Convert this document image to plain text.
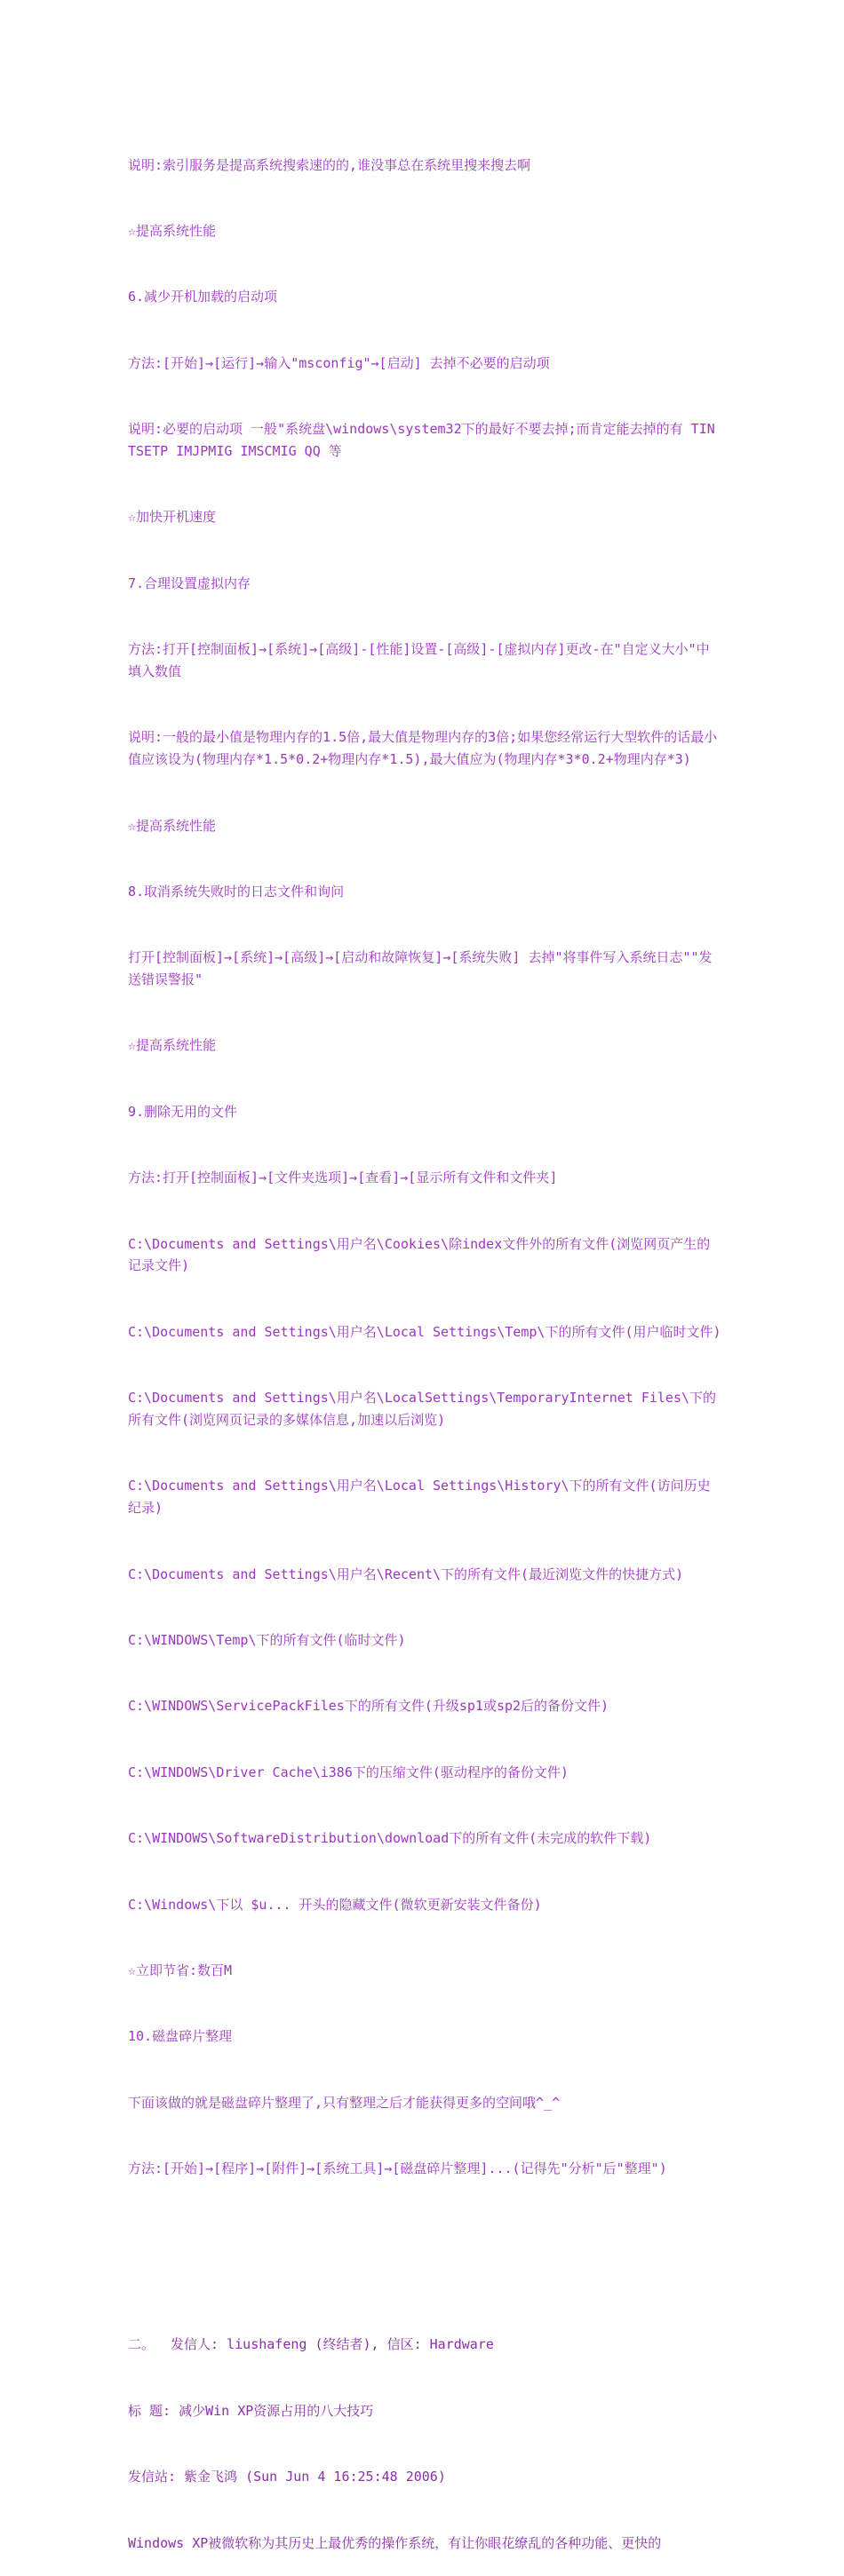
说明:索引服务是提高系统搜索速的的,谁没事总在系统里搜来搜去啊

☆提高系统性能

6.减少开机加载的启动项

方法:[开始]→[运行]→输入"msconfig"→[启动] 去掉不必要的启动项

说明:必要的启动项 一般"系统盘\windows\system32下的最好不要去掉;而肯定能去掉的有 TINTSETP IMJPMIG IMSCMIG QQ 等

☆加快开机速度

7.合理设置虚拟内存

方法:打开[控制面板]→[系统]→[高级]-[性能]设置-[高级]-[虚拟内存]更改-在"自定义大小"中填入数值

说明:一般的最小值是物理内存的1.5倍,最大值是物理内存的3倍;如果您经常运行大型软件的话最小值应该设为(物理内存*1.5*0.2+物理内存*1.5),最大值应为(物理内存*3*0.2+物理内存*3)

☆提高系统性能

8.取消系统失败时的日志文件和询问

打开[控制面板]→[系统]→[高级]→[启动和故障恢复]→[系统失败] 去掉"将事件写入系统日志""发送错误警报"

☆提高系统性能

9.删除无用的文件

方法:打开[控制面板]→[文件夹选项]→[查看]→[显示所有文件和文件夹]

C:\Documents and Settings\用户名\Cookies\除index文件外的所有文件(浏览网页产生的记录文件)

C:\Documents and Settings\用户名\Local Settings\Temp\下的所有文件(用户临时文件)

C:\Documents and Settings\用户名\LocalSettings\TemporaryInternet Files\下的所有文件(浏览网页记录的多媒体信息,加速以后浏览)

C:\Documents and Settings\用户名\Local Settings\History\下的所有文件(访问历史纪录)

C:\Documents and Settings\用户名\Recent\下的所有文件(最近浏览文件的快捷方式)

C:\WINDOWS\Temp\下的所有文件(临时文件)

C:\WINDOWS\ServicePackFiles下的所有文件(升级sp1或sp2后的备份文件)

C:\WINDOWS\Driver Cache\i386下的压缩文件(驱动程序的备份文件)

C:\WINDOWS\SoftwareDistribution\download下的所有文件(未完成的软件下载)

C:\Windows\下以 $u... 开头的隐藏文件(微软更新安装文件备份)

☆立即节省:数百M

10.磁盘碎片整理

下面该做的就是磁盘碎片整理了,只有整理之后才能获得更多的空间哦^_^

方法:[开始]→[程序]→[附件]→[系统工具]→[磁盘碎片整理]...(记得先"分析"后"整理")

二。  发信人: liushafeng (终结者), 信区: Hardware

标 题: 减少Win XP资源占用的八大技巧

发信站: 紫金飞鸿 (Sun Jun 4 16:25:48 2006)

Windows XP被微软称为其历史上最优秀的操作系统，有让你眼花缭乱的各种功能、更快的
